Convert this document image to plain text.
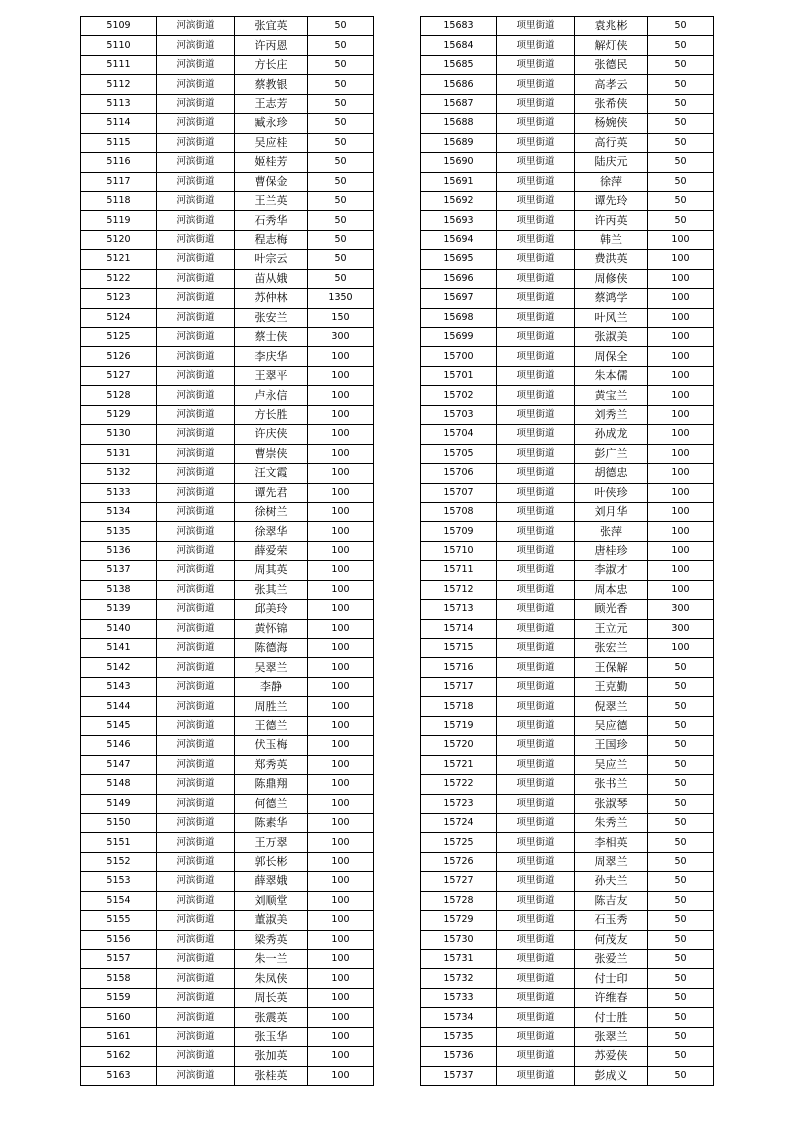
5109	河滨街道	张宜英	50
5110	河滨街道	许丙恩	50
5111	河滨街道	方长庄	50
5112	河滨街道	蔡教银	50
5113	河滨街道	王志芳	50
5114	河滨街道	臧永珍	50
5115	河滨街道	吴应桂	50
5116	河滨街道	姬桂芳	50
5117	河滨街道	曹保金	50
5118	河滨街道	王兰英	50
5119	河滨街道	石秀华	50
5120	河滨街道	程志梅	50
5121	河滨街道	叶宗云	50
5122	河滨街道	苗从娥	50
5123	河滨街道	苏仲林	1350
5124	河滨街道	张安兰	150
5125	河滨街道	蔡士侠	300
5126	河滨街道	李庆华	100
5127	河滨街道	王翠平	100
5128	河滨街道	卢永信	100
5129	河滨街道	方长胜	100
5130	河滨街道	许庆侠	100
5131	河滨街道	曹崇侠	100
5132	河滨街道	汪文霞	100
5133	河滨街道	谭先君	100
5134	河滨街道	徐树兰	100
5135	河滨街道	徐翠华	100
5136	河滨街道	薛爱荣	100
5137	河滨街道	周其英	100
5138	河滨街道	张其兰	100
5139	河滨街道	邱美玲	100
5140	河滨街道	黄怀锦	100
5141	河滨街道	陈德海	100
5142	河滨街道	吴翠兰	100
5143	河滨街道	李静	100
5144	河滨街道	周胜兰	100
5145	河滨街道	王德兰	100
5146	河滨街道	伏玉梅	100
5147	河滨街道	郑秀英	100
5148	河滨街道	陈鼎翔	100
5149	河滨街道	何德兰	100
5150	河滨街道	陈素华	100
5151	河滨街道	王万翠	100
5152	河滨街道	郭长彬	100
5153	河滨街道	薛翠娥	100
5154	河滨街道	刘顺堂	100
5155	河滨街道	董淑美	100
5156	河滨街道	梁秀英	100
5157	河滨街道	朱一兰	100
5158	河滨街道	朱凤侠	100
5159	河滨街道	周长英	100
5160	河滨街道	张震英	100
5161	河滨街道	张玉华	100
5162	河滨街道	张加英	100
5163	河滨街道	张桂英	100
15683	项里街道	袁兆彬	50
15684	项里街道	解灯侠	50
15685	项里街道	张德民	50
15686	项里街道	高孝云	50
15687	项里街道	张希侠	50
15688	项里街道	杨婉侠	50
15689	项里街道	高行英	50
15690	项里街道	陆庆元	50
15691	项里街道	徐萍	50
15692	项里街道	谭先玲	50
15693	项里街道	许丙英	50
15694	项里街道	韩兰	100
15695	项里街道	费洪英	100
15696	项里街道	周修侠	100
15697	项里街道	蔡鸿学	100
15698	项里街道	叶风兰	100
15699	项里街道	张淑美	100
15700	项里街道	周保全	100
15701	项里街道	朱本儒	100
15702	项里街道	黄宝兰	100
15703	项里街道	刘秀兰	100
15704	项里街道	孙成龙	100
15705	项里街道	彭广兰	100
15706	项里街道	胡德忠	100
15707	项里街道	叶侠珍	100
15708	项里街道	刘月华	100
15709	项里街道	张萍	100
15710	项里街道	唐桂珍	100
15711	项里街道	李淑才	100
15712	项里街道	周本忠	100
15713	项里街道	顾光香	300
15714	项里街道	王立元	300
15715	项里街道	张宏兰	100
15716	项里街道	王保解	50
15717	项里街道	王克勤	50
15718	项里街道	倪翠兰	50
15719	项里街道	吴应德	50
15720	项里街道	王国珍	50
15721	项里街道	吴应兰	50
15722	项里街道	张书兰	50
15723	项里街道	张淑琴	50
15724	项里街道	朱秀兰	50
15725	项里街道	李相英	50
15726	项里街道	周翠兰	50
15727	项里街道	孙夫兰	50
15728	项里街道	陈吉友	50
15729	项里街道	石玉秀	50
15730	项里街道	何茂友	50
15731	项里街道	张爱兰	50
15732	项里街道	付士印	50
15733	项里街道	许维春	50
15734	项里街道	付士胜	50
15735	项里街道	张翠兰	50
15736	项里街道	苏爱侠	50
15737	项里街道	彭成义	50
